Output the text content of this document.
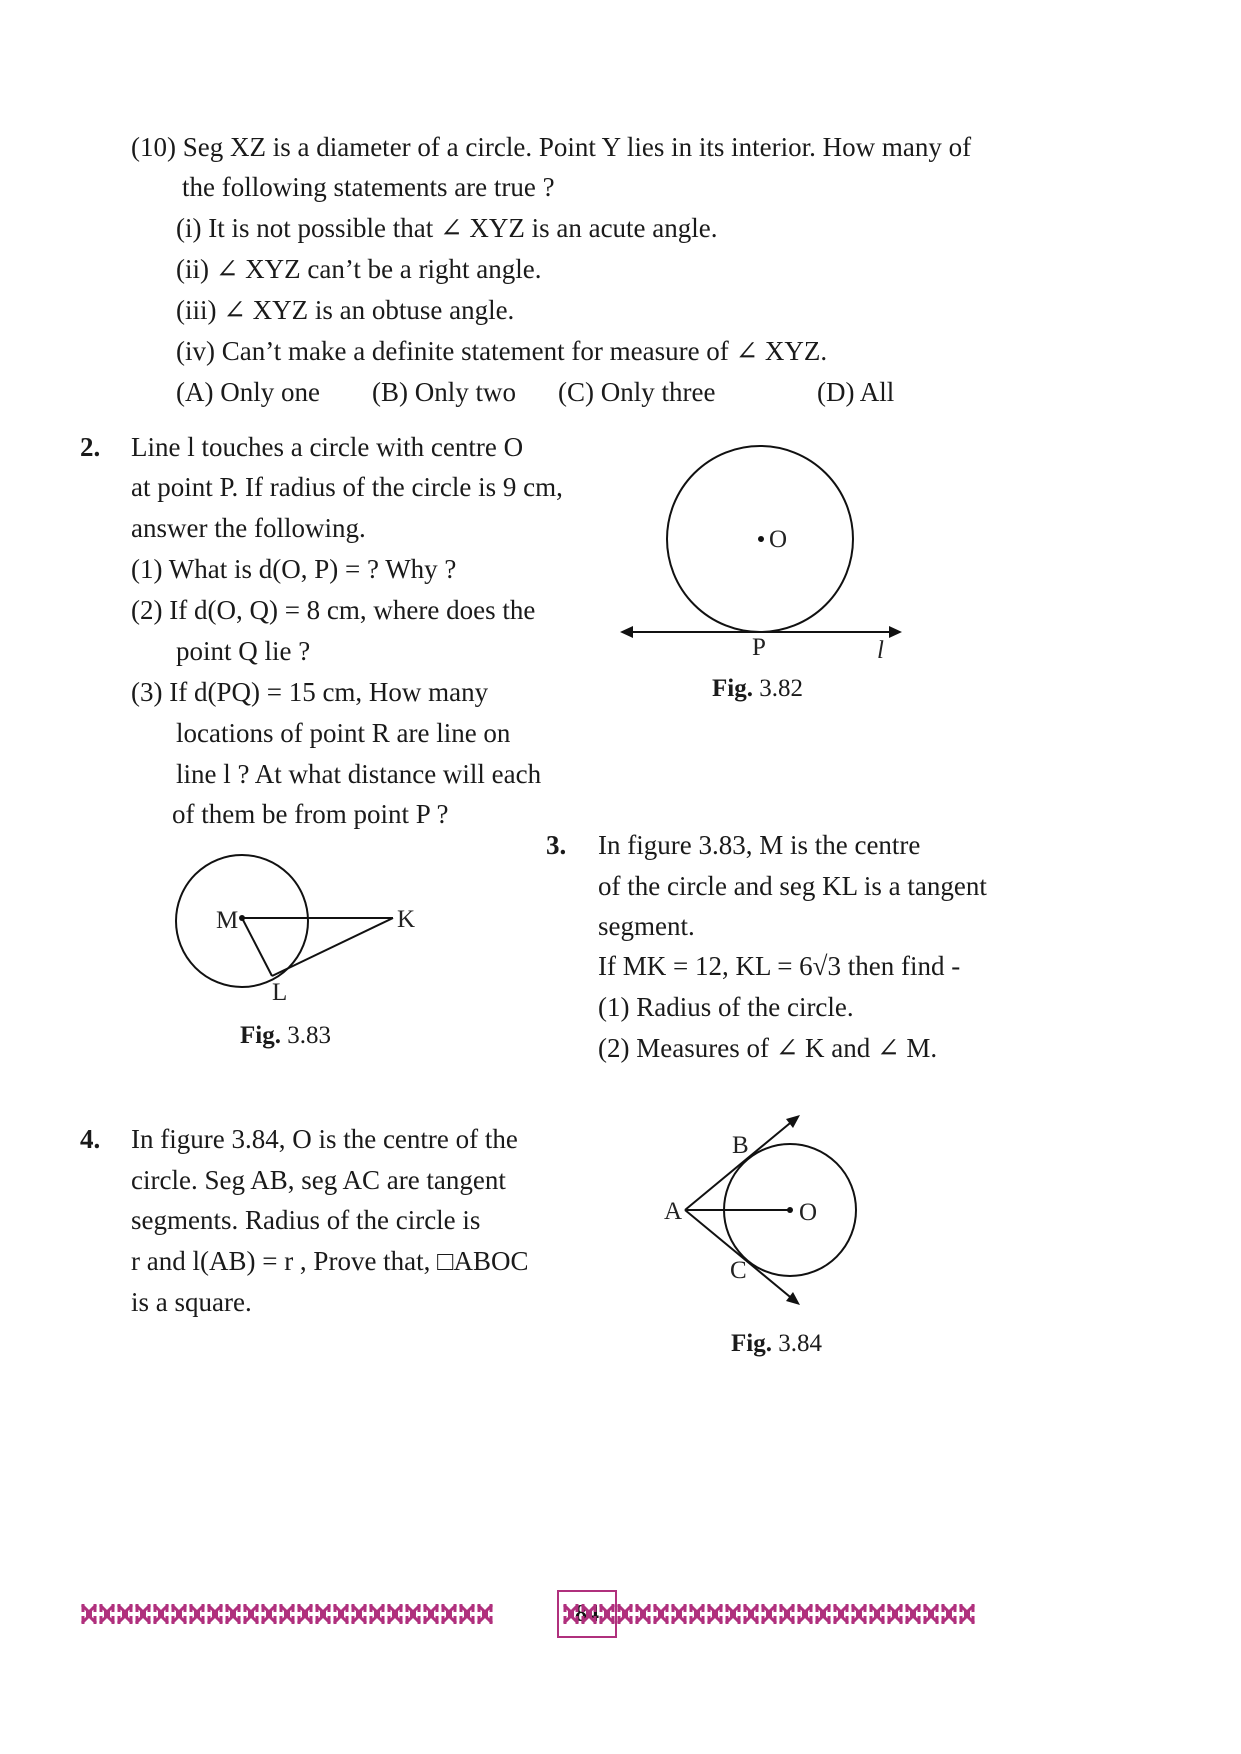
(10) Seg XZ is a diameter of a circle. Point Y lies in its interior. How many of
the following statements are true ?
(i) It is not possible that ∠ XYZ is an acute angle.
(ii) ∠ XYZ can’t be a right angle.
(iii) ∠ XYZ is an obtuse angle.
(iv) Can’t make a definite statement for measure of ∠ XYZ.
(A) Only one (B) Only two (C) Only three	(D) All
2. Line l touches a circle with centre O
at point P. If radius of the circle is 9 cm,
answer the following.
(1) What is d(O, P) = ? Why ?
(2) If d(O, Q) = 8 cm, where does the
point Q lie ?
(3) If d(PQ) = 15 cm, How many
locations of point R are line on
line l ? At what distance will each
of them be from point P ?
O
P	l
Fig. 3.82
3. In figure 3.83, M is the centre
of the circle and seg KL is a tangent
segment.
If MK = 12, KL = 6√3 then find -
(1) Radius of the circle.
(2) Measures of ∠ K and ∠ M.
M	K
L
Fig. 3.83
4. In figure 3.84, O is the centre of the
circle. Seg AB, seg AC are tangent
segments. Radius of the circle is
r and l(AB) = r , Prove that, □ABOC
is a square.
A
B
C
O
Fig. 3.84
